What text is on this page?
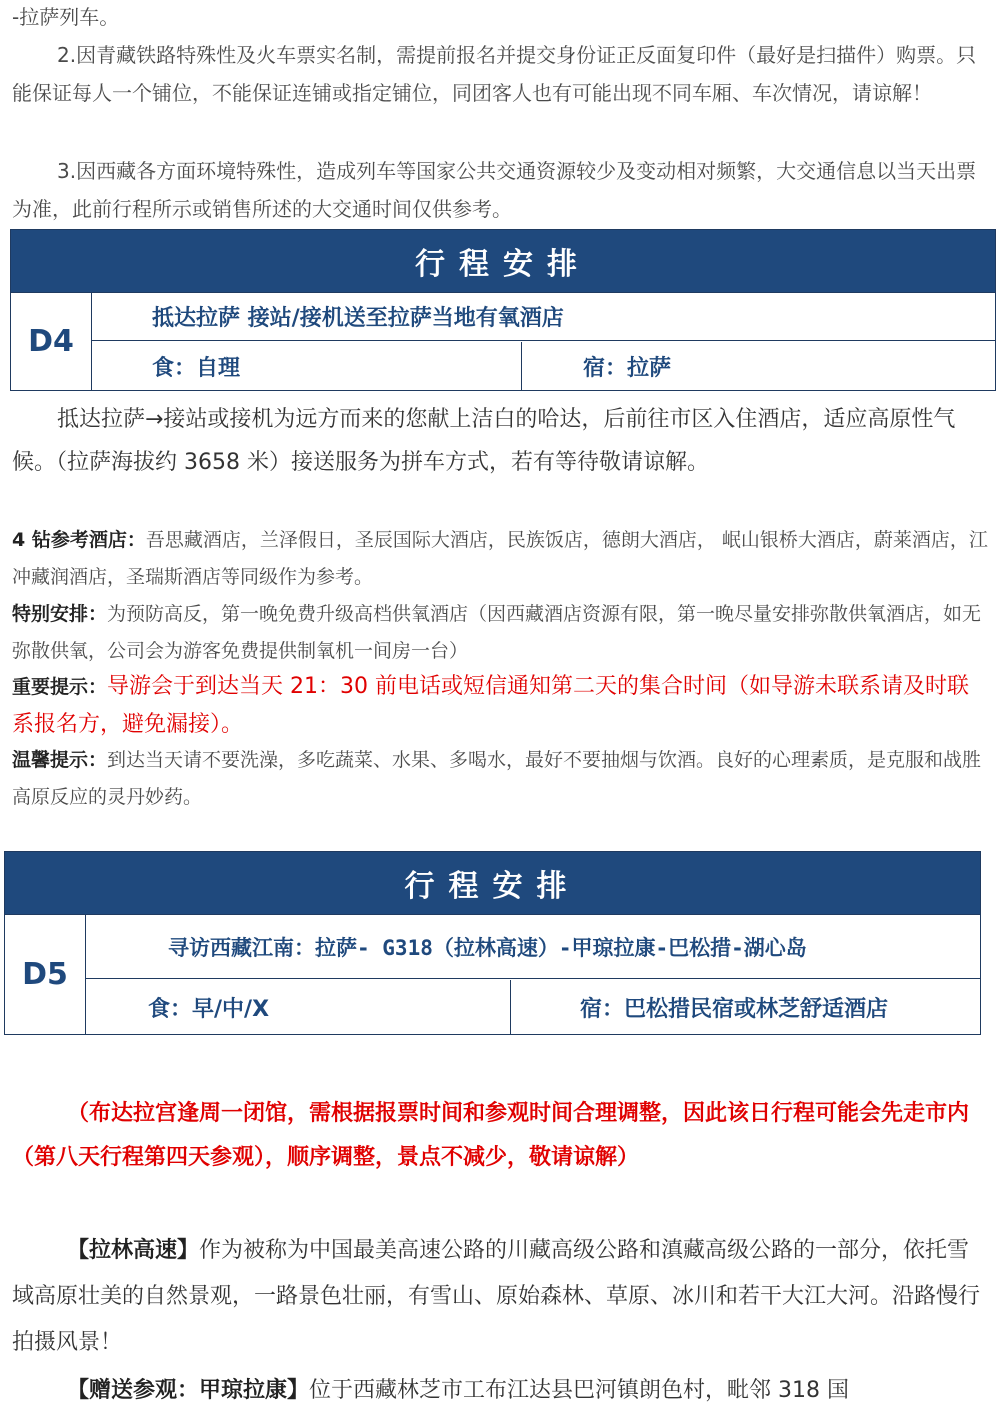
-拉萨列车。
2.因青藏铁路特殊性及火车票实名制，需提前报名并提交身份证正反面复印件（最好是扫描件）购票。只能保证每人一个铺位，不能保证连铺或指定铺位，同团客人也有可能出现不同车厢、车次情况，请谅解！
3.因西藏各方面环境特殊性，造成列车等国家公共交通资源较少及变动相对频繁，大交通信息以当天出票为准，此前行程所示或销售所述的大交通时间仅供参考。
行程安排
D4
抵达拉萨 接站/接机送至拉萨当地有氧酒店
食：自理	宿：拉萨
抵达拉萨→接站或接机为远方而来的您献上洁白的哈达，后前往市区入住酒店，适应高原性气候。（拉萨海拔约 3658 米）接送服务为拼车方式，若有等待敬请谅解。
4 钻参考酒店：吾思藏酒店，兰泽假日，圣辰国际大酒店，民族饭店，德朗大酒店， 岷山银桥大酒店，蔚莱酒店，江冲藏润酒店，圣瑞斯酒店等同级作为参考。
特别安排：为预防高反，第一晚免费升级高档供氧酒店（因西藏酒店资源有限，第一晚尽量安排弥散供氧酒店，如无弥散供氧，公司会为游客免费提供制氧机一间房一台）
重要提示：导游会于到达当天 21：30 前电话或短信通知第二天的集合时间（如导游未联系请及时联系报名方，避免漏接）。
温馨提示：到达当天请不要洗澡，多吃蔬菜、水果、多喝水，最好不要抽烟与饮酒。良好的心理素质，是克服和战胜高原反应的灵丹妙药。
行程安排
D5
寻访西藏江南：拉萨- G318（拉林高速）-甲琼拉康-巴松措-湖心岛
食：早/中/X	宿：巴松措民宿或林芝舒适酒店
（布达拉宫逢周一闭馆，需根据报票时间和参观时间合理调整，因此该日行程可能会先走市内（第八天行程第四天参观），顺序调整，景点不减少，敬请谅解）
【拉林高速】作为被称为中国最美高速公路的川藏高级公路和滇藏高级公路的一部分，依托雪域高原壮美的自然景观，一路景色壮丽，有雪山、原始森林、草原、冰川和若干大江大河。沿路慢行拍摄风景！
【赠送参观：甲琼拉康】位于西藏林芝市工布江达县巴河镇朗色村，毗邻 318 国
